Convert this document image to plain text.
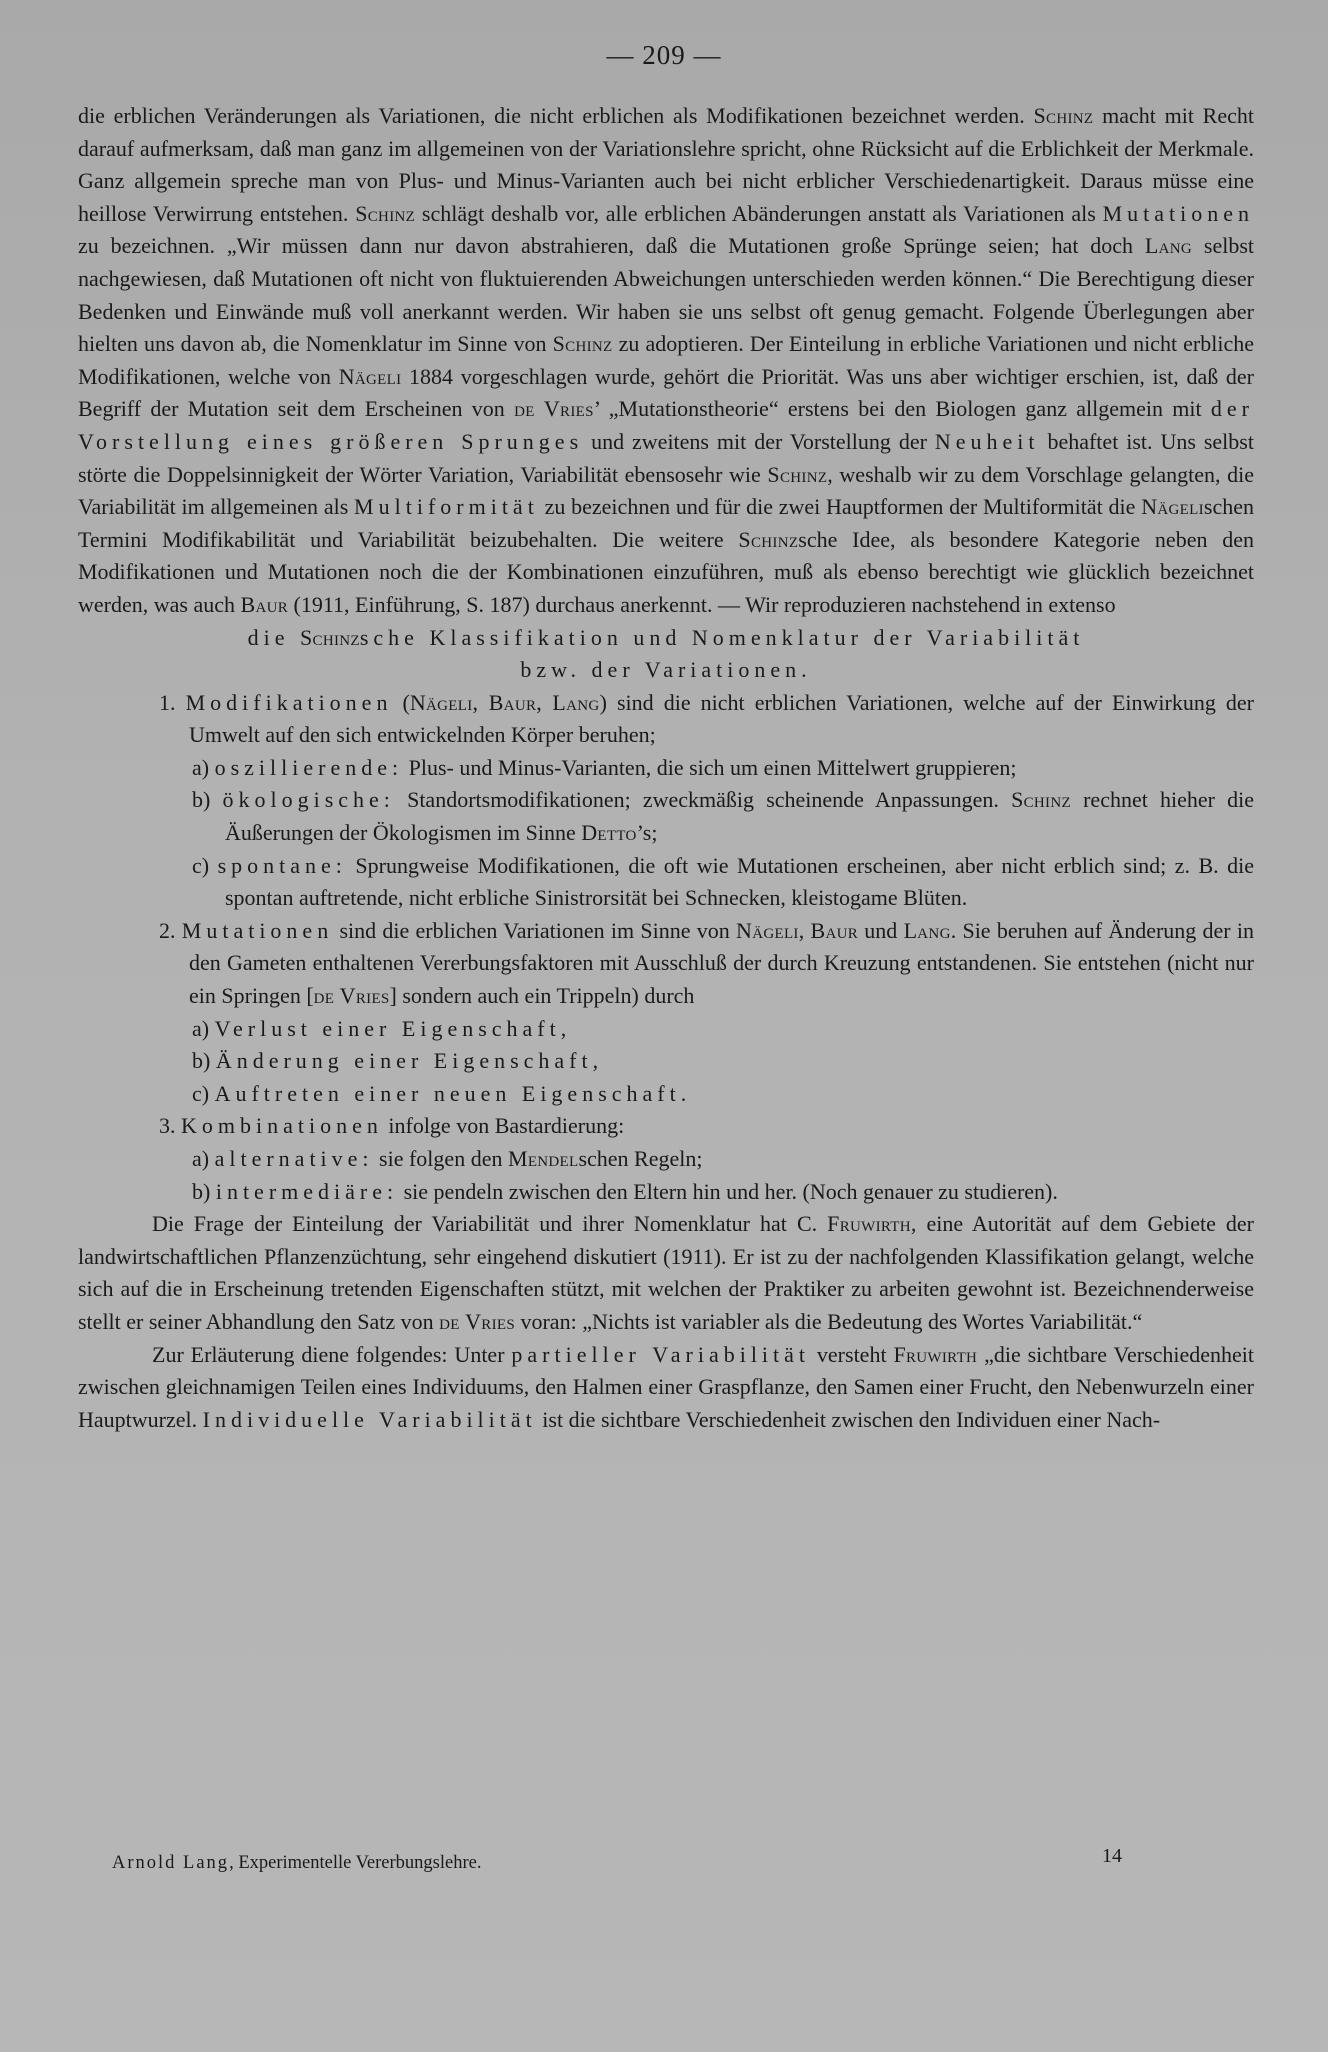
— 209 —

die erblichen Veränderungen als Variationen, die nicht erblichen als Modifikationen bezeichnet werden. Schinz macht mit Recht darauf aufmerksam, daß man ganz im allgemeinen von der Variationslehre spricht, ohne Rücksicht auf die Erblichkeit der Merkmale. Ganz allgemein spreche man von Plus- und Minus-Varianten auch bei nicht erblicher Verschiedenartigkeit. Daraus müsse eine heillose Verwirrung entstehen. Schinz schlägt deshalb vor, alle erblichen Abänderungen anstatt als Variationen als Mutationen zu bezeichnen. „Wir müssen dann nur davon abstrahieren, daß die Mutationen große Sprünge seien; hat doch Lang selbst nachgewiesen, daß Mutationen oft nicht von fluktuierenden Abweichungen unterschieden werden können.“ Die Berechtigung dieser Bedenken und Einwände muß voll anerkannt werden. Wir haben sie uns selbst oft genug gemacht. Folgende Überlegungen aber hielten uns davon ab, die Nomenklatur im Sinne von Schinz zu adoptieren. Der Einteilung in erbliche Variationen und nicht erbliche Modifikationen, welche von Nägeli 1884 vorgeschlagen wurde, gehört die Priorität. Was uns aber wichtiger erschien, ist, daß der Begriff der Mutation seit dem Erscheinen von de Vries’ „Mutationstheorie“ erstens bei den Biologen ganz allgemein mit der Vorstellung eines größeren Sprunges und zweitens mit der Vorstellung der Neuheit behaftet ist. Uns selbst störte die Doppelsinnigkeit der Wörter Variation, Variabilität ebensosehr wie Schinz, weshalb wir zu dem Vorschlage gelangten, die Variabilität im allgemeinen als Multiformität zu bezeichnen und für die zwei Hauptformen der Multiformität die Nägelischen Termini Modifikabilität und Variabilität beizubehalten. Die weitere Schinzsche Idee, als besondere Kategorie neben den Modifikationen und Mutationen noch die der Kombinationen einzuführen, muß als ebenso berechtigt wie glücklich bezeichnet werden, was auch Baur (1911, Einführung, S. 187) durchaus anerkennt. — Wir reproduzieren nachstehend in extenso

die Schinzsche Klassifikation und Nomenklatur der Variabilität
bzw. der Variationen.

1. Modifikationen (Nägeli, Baur, Lang) sind die nicht erblichen Variationen, welche auf der Einwirkung der Umwelt auf den sich entwickelnden Körper beruhen;

a) oszillierende: Plus- und Minus-Varianten, die sich um einen Mittelwert gruppieren;

b) ökologische: Standortsmodifikationen; zweckmäßig scheinende Anpassungen. Schinz rechnet hieher die Äußerungen der Ökologismen im Sinne Detto’s;

c) spontane: Sprungweise Modifikationen, die oft wie Mutationen erscheinen, aber nicht erblich sind; z. B. die spontan auftretende, nicht erbliche Sinistrorsität bei Schnecken, kleistogame Blüten.

2. Mutationen sind die erblichen Variationen im Sinne von Nägeli, Baur und Lang. Sie beruhen auf Änderung der in den Gameten enthaltenen Vererbungsfaktoren mit Ausschluß der durch Kreuzung entstandenen. Sie entstehen (nicht nur ein Springen [de Vries] sondern auch ein Trippeln) durch

a) Verlust einer Eigenschaft,

b) Änderung einer Eigenschaft,

c) Auftreten einer neuen Eigenschaft.

3. Kombinationen infolge von Bastardierung:

a) alternative: sie folgen den Mendelschen Regeln;

b) intermediäre: sie pendeln zwischen den Eltern hin und her. (Noch genauer zu studieren).

Die Frage der Einteilung der Variabilität und ihrer Nomenklatur hat C. Fruwirth, eine Autorität auf dem Gebiete der landwirtschaftlichen Pflanzenzüchtung, sehr eingehend diskutiert (1911). Er ist zu der nachfolgenden Klassifikation gelangt, welche sich auf die in Erscheinung tretenden Eigenschaften stützt, mit welchen der Praktiker zu arbeiten gewohnt ist. Bezeichnenderweise stellt er seiner Abhandlung den Satz von de Vries voran: „Nichts ist variabler als die Bedeutung des Wortes Variabilität.“

Zur Erläuterung diene folgendes: Unter partieller Variabilität versteht Fruwirth „die sichtbare Verschiedenheit zwischen gleichnamigen Teilen eines Individuums, den Halmen einer Graspflanze, den Samen einer Frucht, den Nebenwurzeln einer Hauptwurzel. Individuelle Variabilität ist die sichtbare Verschiedenheit zwischen den Individuen einer Nach-

Arnold Lang, Experimentelle Vererbungslehre.	14
